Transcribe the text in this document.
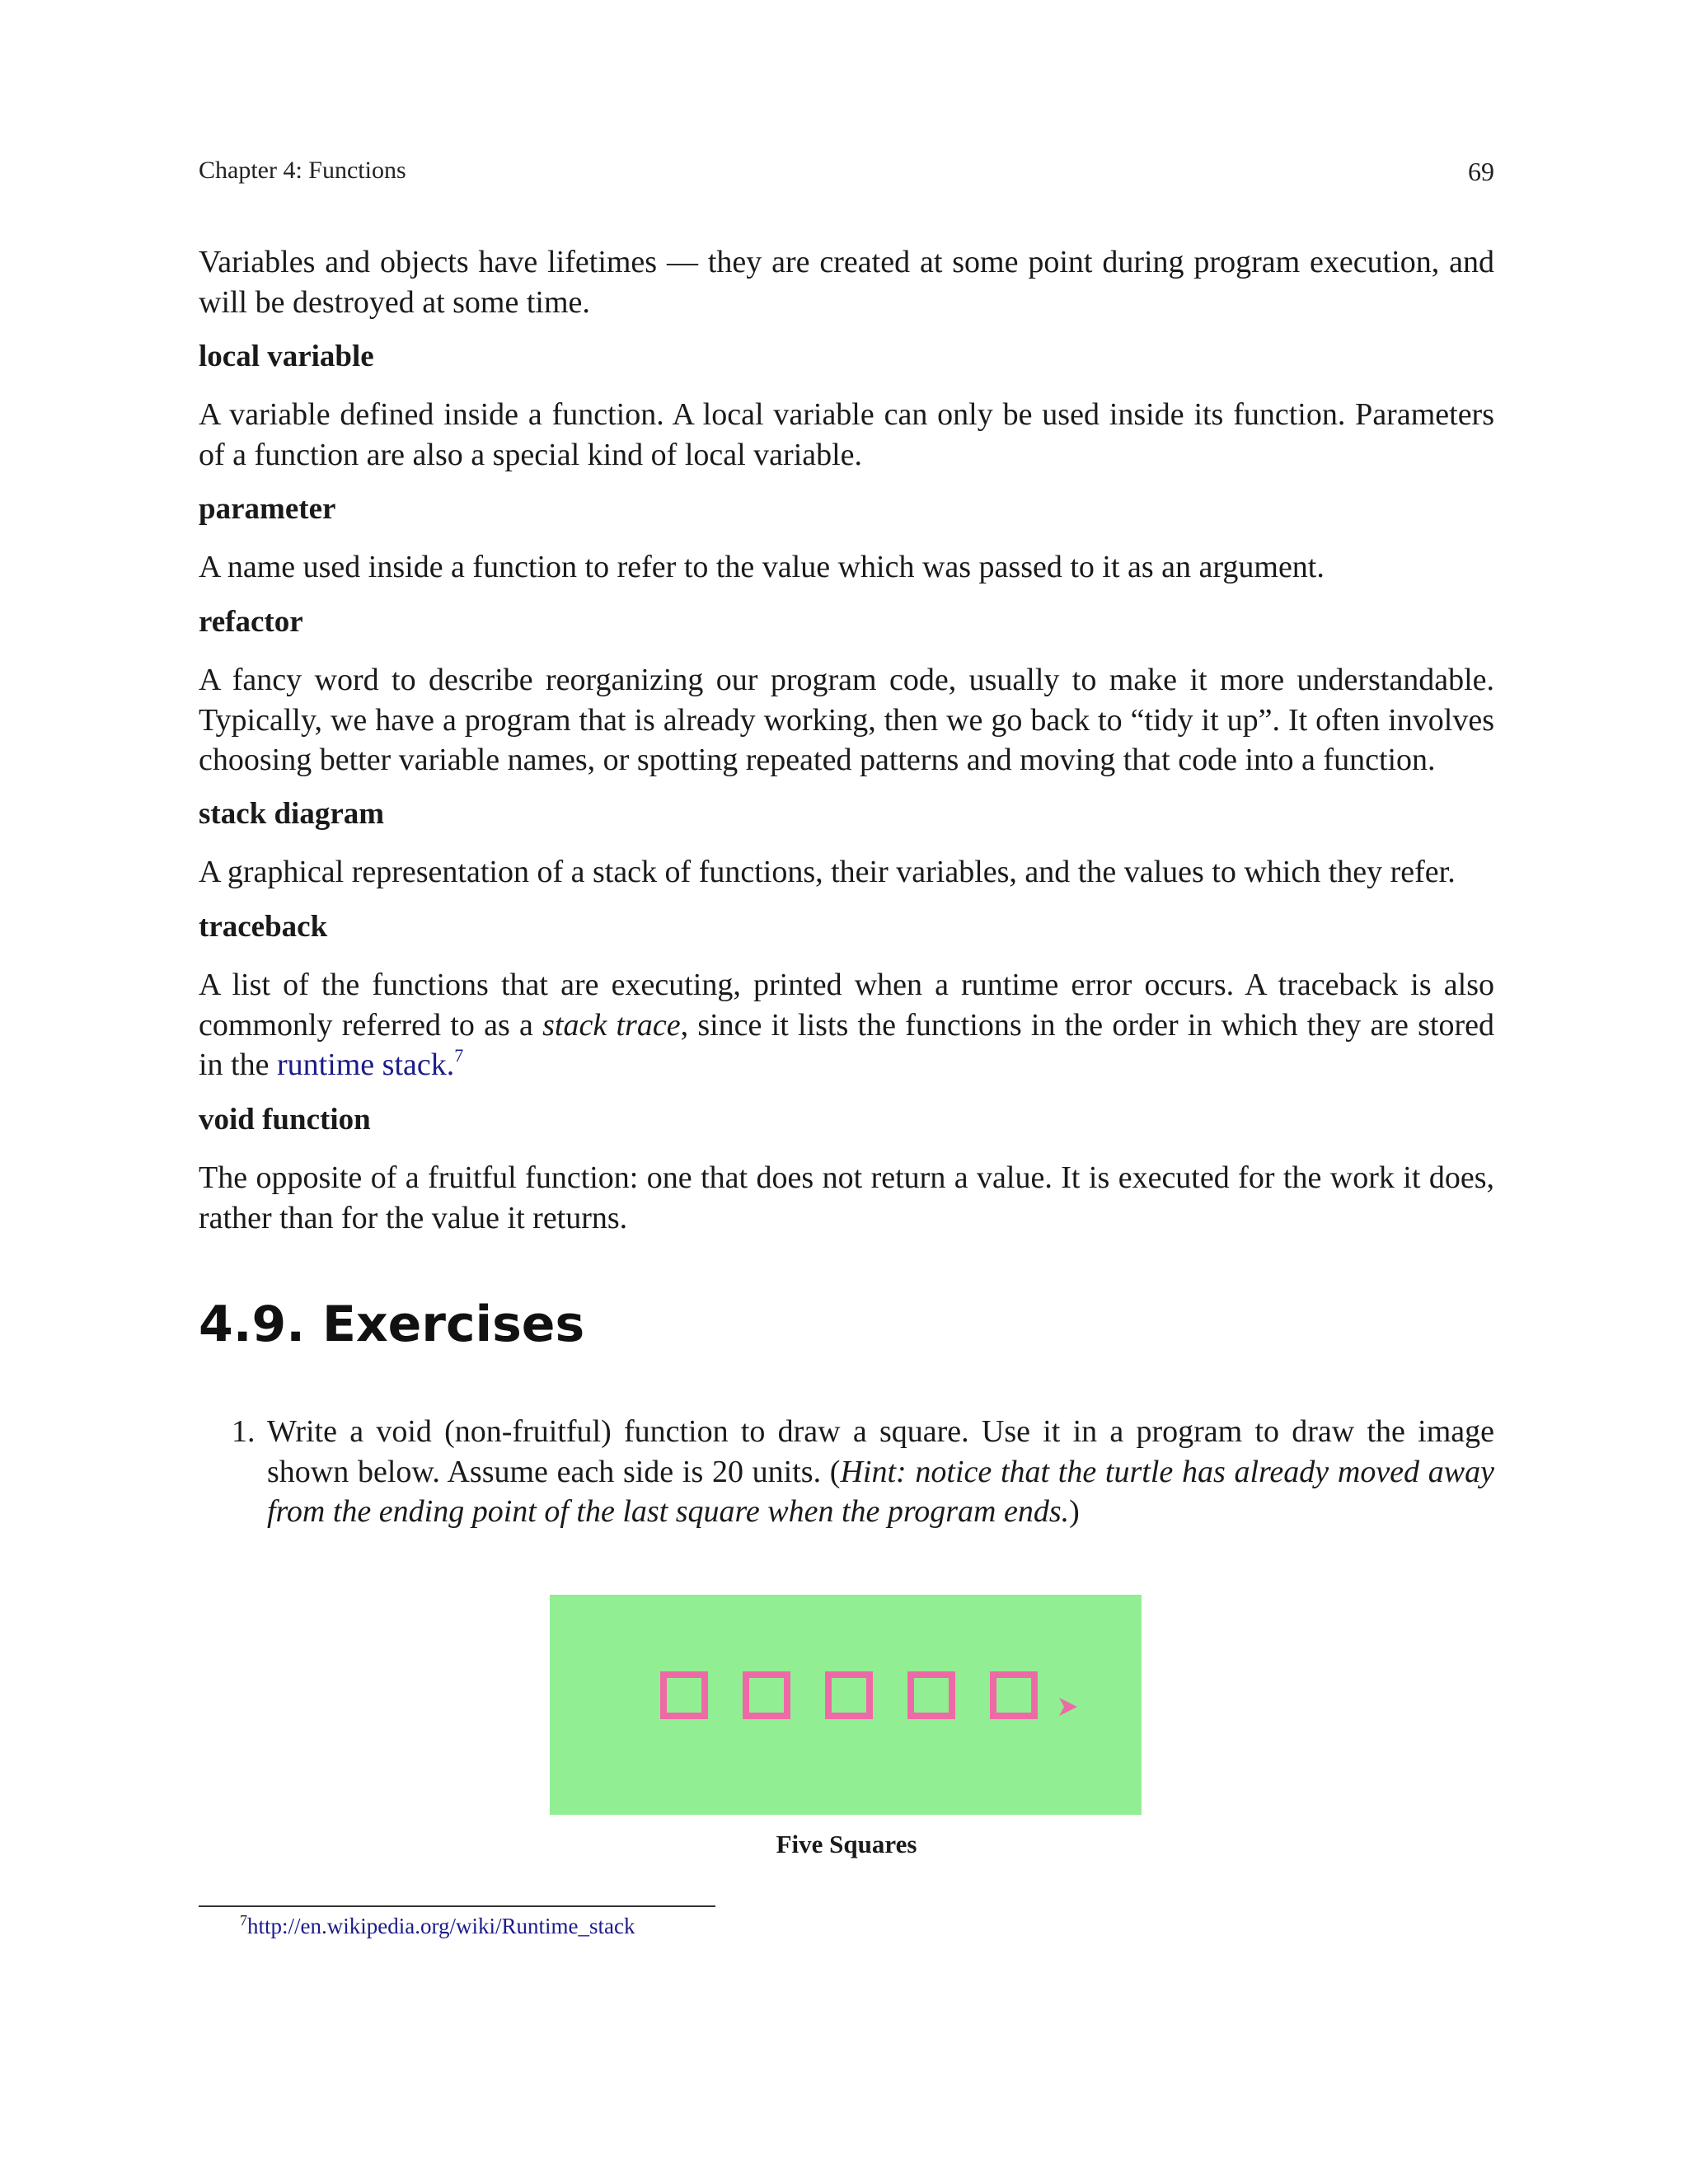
Chapter 4: Functions	69
Variables and objects have lifetimes — they are created at some point during program execution, and will be destroyed at some time.
local variable
A variable defined inside a function. A local variable can only be used inside its function. Parameters of a function are also a special kind of local variable.
parameter
A name used inside a function to refer to the value which was passed to it as an argument.
refactor
A fancy word to describe reorganizing our program code, usually to make it more understandable. Typically, we have a program that is already working, then we go back to “tidy it up”. It often involves choosing better variable names, or spotting repeated patterns and moving that code into a function.
stack diagram
A graphical representation of a stack of functions, their variables, and the values to which they refer.
traceback
A list of the functions that are executing, printed when a runtime error occurs. A traceback is also commonly referred to as a stack trace, since it lists the functions in the order in which they are stored in the runtime stack.$^7$
void function
The opposite of a fruitful function: one that does not return a value. It is executed for the work it does, rather than for the value it returns.
4.9. Exercises
1. Write a void (non-fruitful) function to draw a square. Use it in a program to draw the image shown below. Assume each side is 20 units. (Hint: notice that the turtle has already moved away from the ending point of the last square when the program ends.)
Five Squares
$^7$http://en.wikipedia.org/wiki/Runtime_stack
